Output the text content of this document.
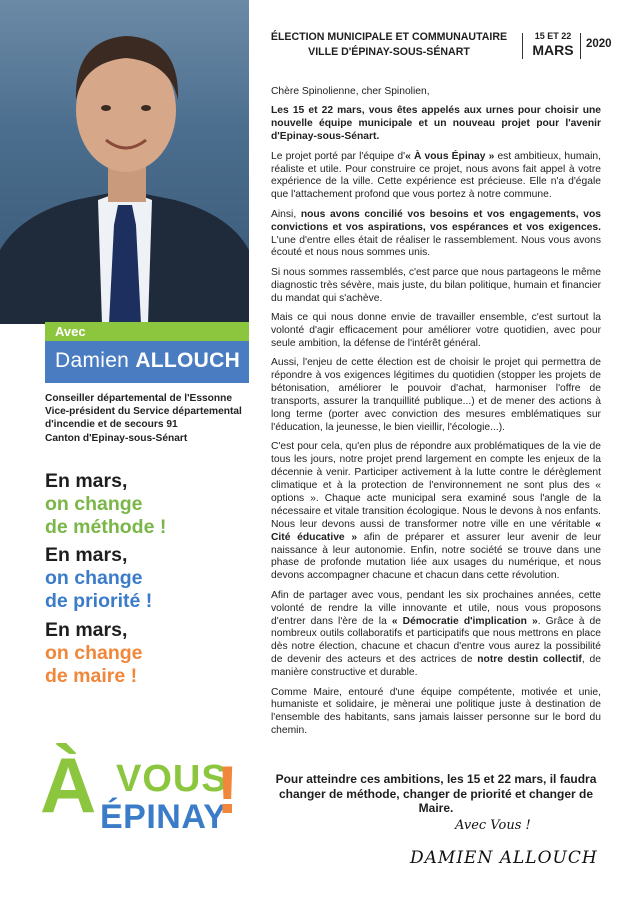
Avec
Damien ALLOUCH
Conseiller départemental de l'Essonne
Vice-président du Service départemental
d'incendie et de secours 91
Canton d'Epinay-sous-Sénart
En mars,
on change
de méthode !
En mars,
on change
de priorité !
En mars,
on change
de maire !
À VOUS
ÉPINAY
!
ÉLECTION MUNICIPALE ET COMMUNAUTAIRE
VILLE D'ÉPINAY-SOUS-SÉNART
15 ET 22
MARS	2020

Chère Spinolienne, cher Spinolien,

Les 15 et 22 mars, vous êtes appelés aux urnes pour choisir une nouvelle équipe municipale et un nouveau projet pour l'avenir d'Epinay-sous-Sénart.

Le projet porté par l'équipe d'« À vous Épinay » est ambitieux, humain, réaliste et utile. Pour construire ce projet, nous avons fait appel à votre expérience de la ville. Cette expérience est précieuse. Elle n'a d'égale que l'attachement profond que vous portez à notre commune.

Ainsi, nous avons concilié vos besoins et vos engagements, vos convictions et vos aspirations, vos espérances et vos exigences. L'une d'entre elles était de réaliser le rassemblement. Nous vous avons écouté et nous nous sommes unis.

Si nous sommes rassemblés, c'est parce que nous partageons le même diagnostic très sévère, mais juste, du bilan politique, humain et financier du mandat qui s'achève.

Mais ce qui nous donne envie de travailler ensemble, c'est surtout la volonté d'agir efficacement pour améliorer votre quotidien, avec pour seule ambition, la défense de l'intérêt général.

Aussi, l'enjeu de cette élection est de choisir le projet qui permettra de répondre à vos exigences légitimes du quotidien (stopper les projets de bétonisation, améliorer le pouvoir d'achat, harmoniser l'offre de transports, assurer la tranquillité publique...) et de mener des actions à long terme (porter avec conviction des mesures emblématiques sur l'éducation, la jeunesse, le bien vieillir, l'écologie...).

C'est pour cela, qu'en plus de répondre aux problématiques de la vie de tous les jours, notre projet prend largement en compte les enjeux de la décennie à venir. Participer activement à la lutte contre le dérèglement climatique et à la protection de l'environnement ne sont plus des « options ». Chaque acte municipal sera examiné sous l'angle de la nécessaire et vitale transition écologique. Nous le devons à nos enfants. Nous leur devons aussi de transformer notre ville en une véritable « Cité éducative » afin de préparer et assurer leur avenir de leur naissance à leur autonomie. Enfin, notre société se trouve dans une phase de profonde mutation liée aux usages du numérique, et nous devons accompagner chacune et chacun dans cette révolution.

Afin de partager avec vous, pendant les six prochaines années, cette volonté de rendre la ville innovante et utile, nous vous proposons d'entrer dans l'ère de la « Démocratie d'implication ». Grâce à de nombreux outils collaboratifs et participatifs que nous mettrons en place dès notre élection, chacune et chacun d'entre vous aurez la possibilité de devenir des acteurs et des actrices de notre destin collectif, de manière constructive et durable.

Comme Maire, entouré d'une équipe compétente, motivée et unie, humaniste et solidaire, je mènerai une politique juste à destination de l'ensemble des habitants, sans jamais laisser personne sur le bord du chemin.

Pour atteindre ces ambitions, les 15 et 22 mars, il faudra changer de méthode, changer de priorité et changer de Maire.
Avec Vous !
DAMIEN ALLOUCH
